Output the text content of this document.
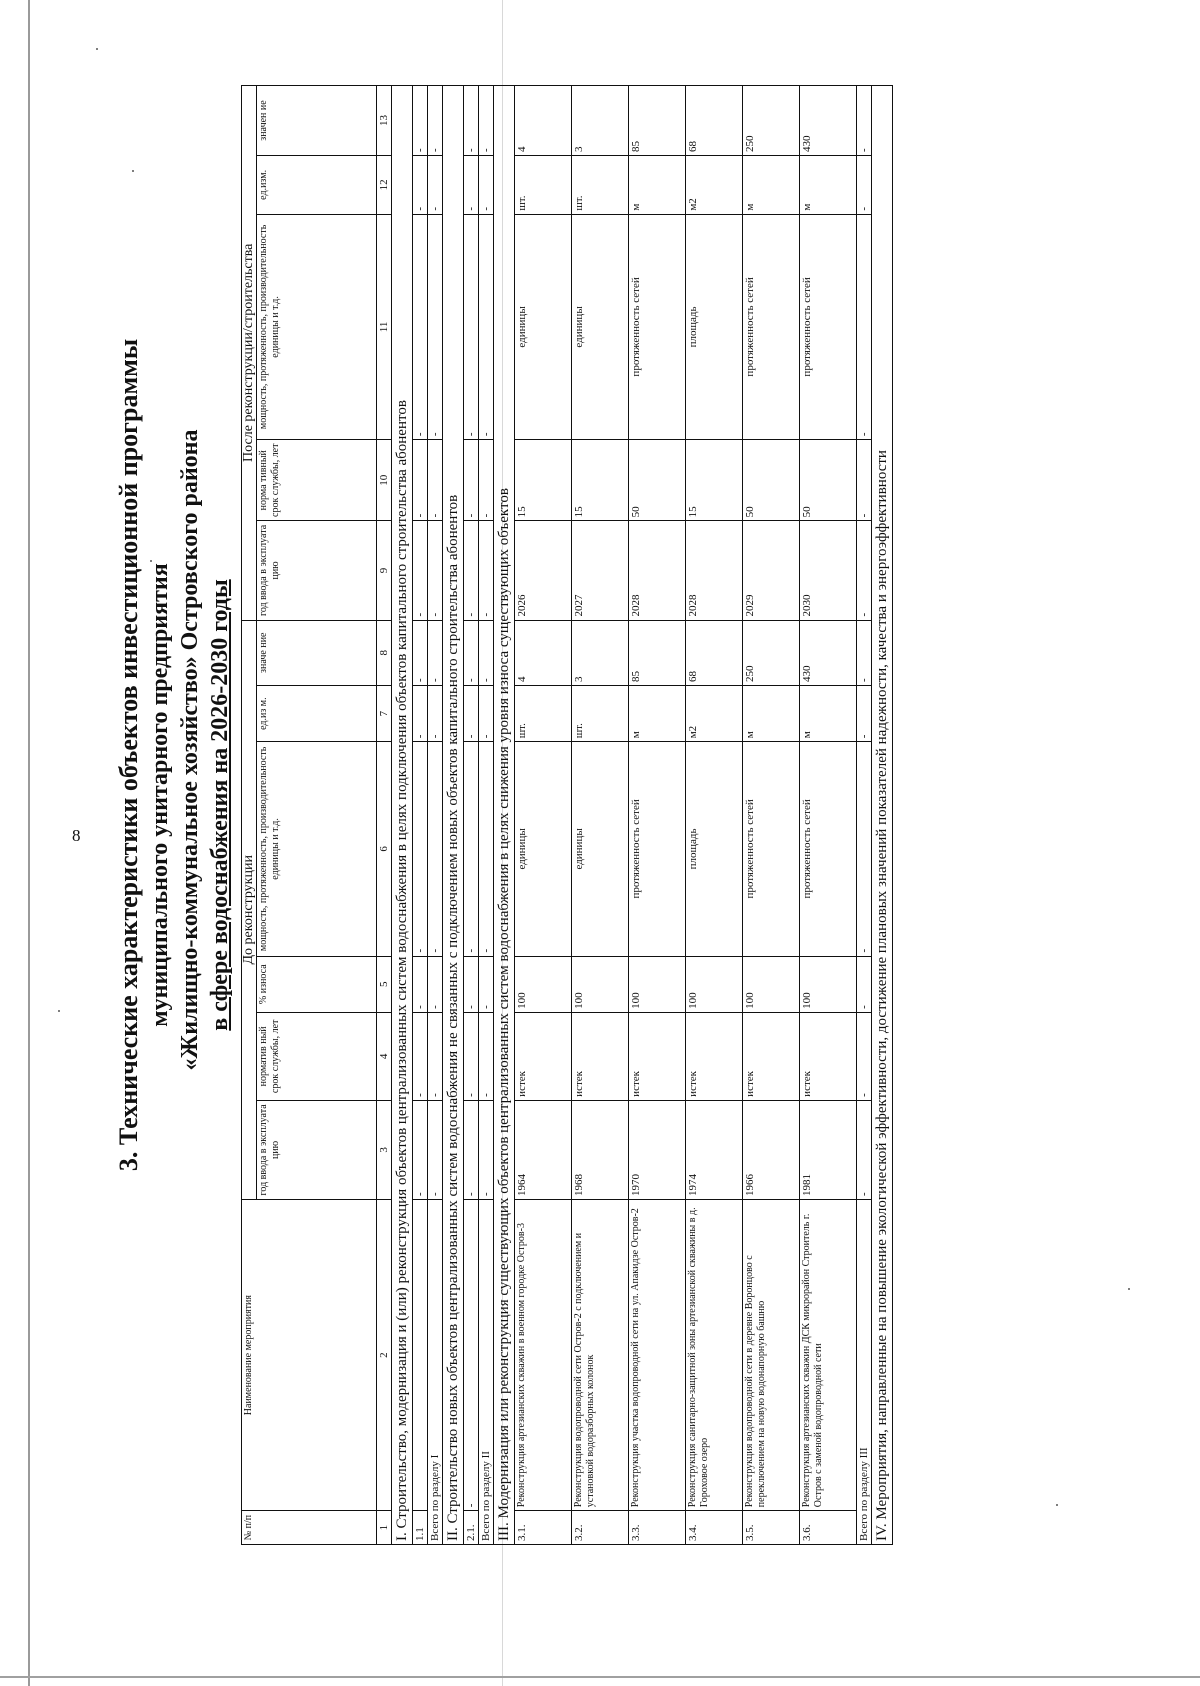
8 3. Технические характеристики объектов инвестиционной программы муниципального унитарного предприятия «Жилищно-коммунальное хозяйство» Островского района в сфере водоснабжения на 2026-2030 годы
№ п/п	Наименование мероприятия	До реконструкции						После реконструкции/строительства				
		год ввода в эксплуата цию	норматив ный срок службы, лет	% износа	мощность, протяженность, производительность единицы и т.д.	ед.из м.	значе ние	год ввода в эксплуата цию	норма тивный срок службы, лет	мощность, протяженность, производительность единицы и т.д.	ед.изм.	значен ие
1	2	3	4	5	6	7	8	9	10	11	12	13
I. Строительство, модернизация и (или) реконструкция объектов централизованных систем водоснабжения в целях подключения объектов капитального строительства абонентов												
1.1		-	-	-	-	-	-	-	-	-	-	-
Всего по разделу I		-	-	-	-	-	-	-	-	-	-	-
II. Строительство новых объектов централизованных систем водоснабжения не связанных с подключением новых объектов капитального строительства абонентов												
2.1.	-	-	-	-	-	-	-	-	-	-	-	-
Всего по разделу II		-	-	-	-	-	-	-	-	-	-	-
III. Модернизация или реконструкция существующих объектов централизованных систем водоснабжения в целях снижения уровня износа существующих объектов												
3.1.	Реконструкция артезианских скважин в военном городке Остров-3	1964	истек	100	единицы	шт.	4	2026	15	единицы	шт.	4
3.2.	Реконструкция водопроводной сети Остров-2 с подключением и установкой водоразборных колонок	1968	истек	100	единицы	шт.	3	2027	15	единицы	шт.	3
3.3.	Реконструкция участка водопроводной сети на ул. Апакидзе Остров-2	1970	истек	100	протяженность сетей	м	85	2028	50	протяженность сетей	м	85
3.4.	Реконструкция санитарно-защитной зоны артезианской скважины в д. Гороховое озеро	1974	истек	100	площадь	м2	68	2028	15	площадь	м2	68
3.5.	Реконструкция водопроводной сети в деревне Воронцово с переключением на новую водонапорную башню	1966	истек	100	протяженность сетей	м	250	2029	50	протяженность сетей	м	250
3.6.	Реконструкция артезианских скважин ДСК микрорайон Строитель г. Остров с заменой водопроводной сети	1981	истек	100	протяженность сетей	м	430	2030	50	протяженность сетей	м	430
Всего по разделу III		-	-	-	-	-	-	-	-	-	-	-
IV. Мероприятия, направленные на повышение экологической эффективности, достижение плановых значений показателей надежности, качества и энергоэффективности												
